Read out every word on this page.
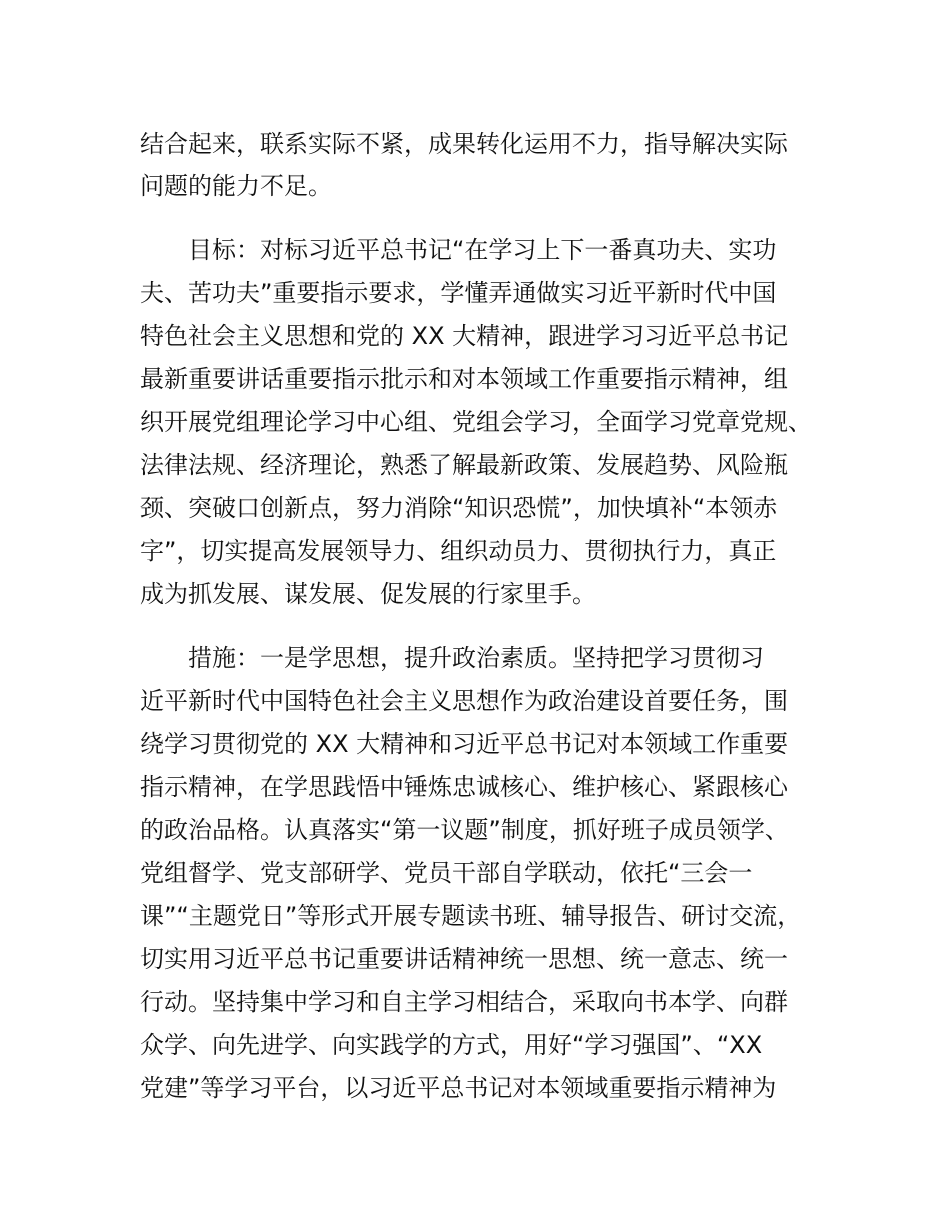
结合起来，联系实际不紧，成果转化运用不力，指导解决实际
问题的能力不足。
目标：对标习近平总书记“在学习上下一番真功夫、实功
夫、苦功夫”重要指示要求，学懂弄通做实习近平新时代中国
特色社会主义思想和党的 XX 大精神，跟进学习习近平总书记
最新重要讲话重要指示批示和对本领域工作重要指示精神，组
织开展党组理论学习中心组、党组会学习，全面学习党章党规、
法律法规、经济理论，熟悉了解最新政策、发展趋势、风险瓶
颈、突破口创新点，努力消除“知识恐慌”，加快填补“本领赤
字”，切实提高发展领导力、组织动员力、贯彻执行力，真正
成为抓发展、谋发展、促发展的行家里手。
措施：一是学思想，提升政治素质。坚持把学习贯彻习
近平新时代中国特色社会主义思想作为政治建设首要任务，围
绕学习贯彻党的 XX 大精神和习近平总书记对本领域工作重要
指示精神，在学思践悟中锤炼忠诚核心、维护核心、紧跟核心
的政治品格。认真落实“第一议题”制度，抓好班子成员领学、
党组督学、党支部研学、党员干部自学联动，依托“三会一
课”“主题党日”等形式开展专题读书班、辅导报告、研讨交流，
切实用习近平总书记重要讲话精神统一思想、统一意志、统一
行动。坚持集中学习和自主学习相结合，采取向书本学、向群
众学、向先进学、向实践学的方式，用好“学习强国”、“XX
党建”等学习平台，以习近平总书记对本领域重要指示精神为
